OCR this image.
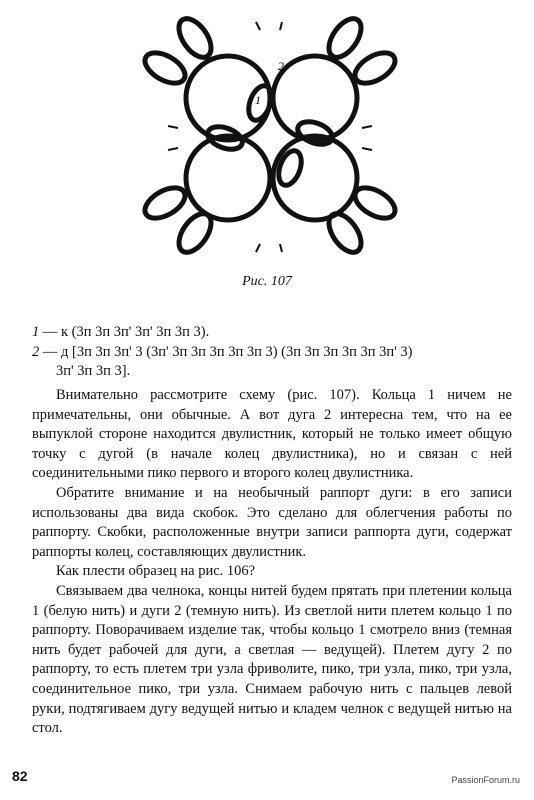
1
2
Рис. 107
1 — к (3п 3п 3п' 3п' 3п 3п 3).
2 — д [3п 3п 3п' 3 (3п' 3п 3п 3п 3п 3п 3) (3п 3п 3п 3п 3п 3п' 3)
3п' 3п 3п 3].

Внимательно рассмотрите схему (рис. 107). Кольца 1 ничем не примечательны, они обычные. А вот дуга 2 интересна тем, что на ее выпуклой стороне находится двулистник, который не только имеет общую точку с дугой (в начале колец двулистника), но и связан с ней соединительными пико первого и второго колец двулистника.

Обратите внимание и на необычный раппорт дуги: в его записи использованы два вида скобок. Это сделано для облегчения работы по раппорту. Скобки, расположенные внутри записи раппорта дуги, содержат раппорты колец, составляющих двулистник.

Как плести образец на рис. 106?

Связываем два челнока, концы нитей будем прятать при плетении кольца 1 (белую нить) и дуги 2 (темную нить). Из светлой нити плетем кольцо 1 по раппорту. Поворачиваем изделие так, чтобы кольцо 1 смотрело вниз (темная нить будет рабочей для дуги, а светлая — ведущей). Плетем дугу 2 по раппорту, то есть плетем три узла фриволите, пико, три узла, пико, три узла, соединительное пико, три узла. Снимаем рабочую нить с пальцев левой руки, подтягиваем дугу ведущей нитью и кладем челнок с ведущей нитью на стол.

82	PassionForum.ru
